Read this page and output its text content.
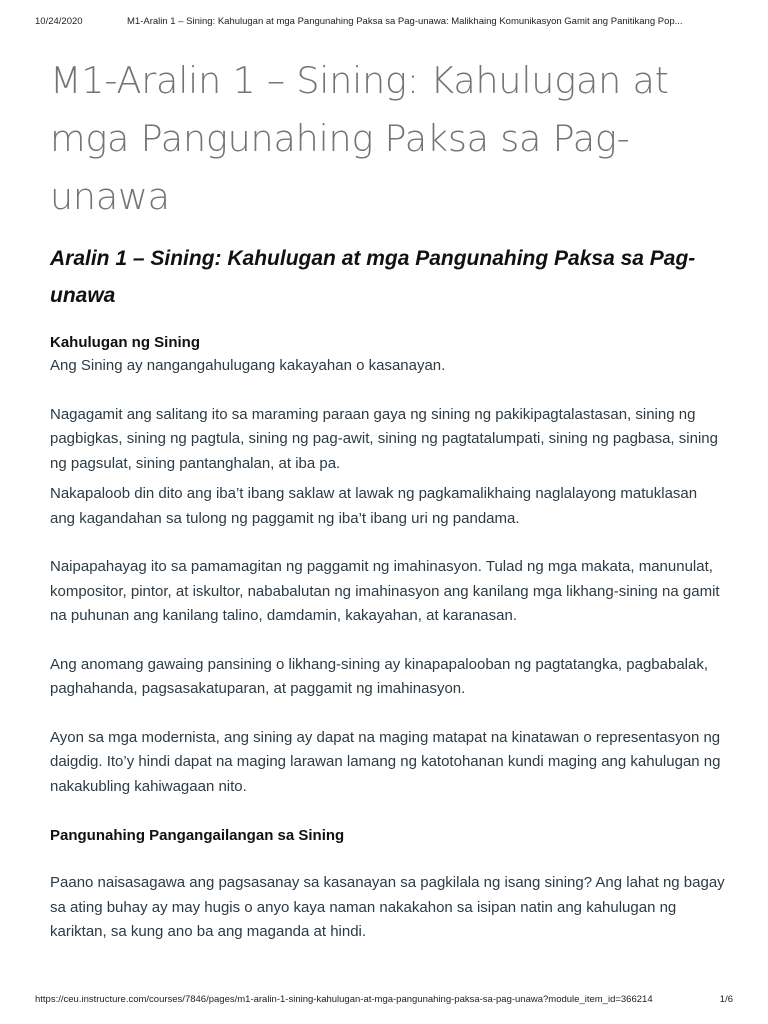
10/24/2020	M1-Aralin 1 – Sining: Kahulugan at mga Pangunahing Paksa sa Pag-unawa: Malikhaing Komunikasyon Gamit ang Panitikang Pop...
M1-Aralin 1 – Sining: Kahulugan at mga Pangunahing Paksa sa Pag-unawa
Aralin 1 – Sining: Kahulugan at mga Pangunahing Paksa sa Pag-unawa
Kahulugan ng Sining

Ang Sining ay nangangahulugang kakayahan o kasanayan.

Nagagamit ang salitang ito sa maraming paraan gaya ng sining ng pakikipagtalastasan, sining ng pagbigkas, sining ng pagtula, sining ng pag-awit, sining ng pagtatalumpati, sining ng pagbasa, sining ng pagsulat, sining pantanghalan, at iba pa.

Nakapaloob din dito ang iba’t ibang saklaw at lawak ng pagkamalikhaing naglalayong matuklasan ang kagandahan sa tulong ng paggamit ng iba’t ibang uri ng pandama.

Naipapahayag ito sa pamamagitan ng paggamit ng imahinasyon. Tulad ng mga makata, manunulat, kompositor, pintor, at iskultor, nababalutan ng imahinasyon ang kanilang mga likhang-sining na gamit na puhunan ang kanilang talino, damdamin, kakayahan, at karanasan.

Ang anomang gawaing pansining o likhang-sining ay kinapapalooban ng pagtatangka, pagbabalak, paghahanda, pagsasakatuparan, at paggamit ng imahinasyon.

Ayon sa mga modernista, ang sining ay dapat na maging matapat na kinatawan o representasyon ng daigdig. Ito’y hindi dapat na maging larawan lamang ng katotohanan kundi maging ang kahulugan ng nakakubling kahiwagaan nito.

Pangunahing Pangangailangan sa Sining

Paano naisasagawa ang pagsasanay sa kasanayan sa pagkilala ng isang sining? Ang lahat ng bagay sa ating buhay ay may hugis o anyo kaya naman nakakahon sa isipan natin ang kahulugan ng kariktan, sa kung ano ba ang maganda at hindi.

https://ceu.instructure.com/courses/7846/pages/m1-aralin-1-sining-kahulugan-at-mga-pangunahing-paksa-sa-pag-unawa?module_item_id=366214	1/6
